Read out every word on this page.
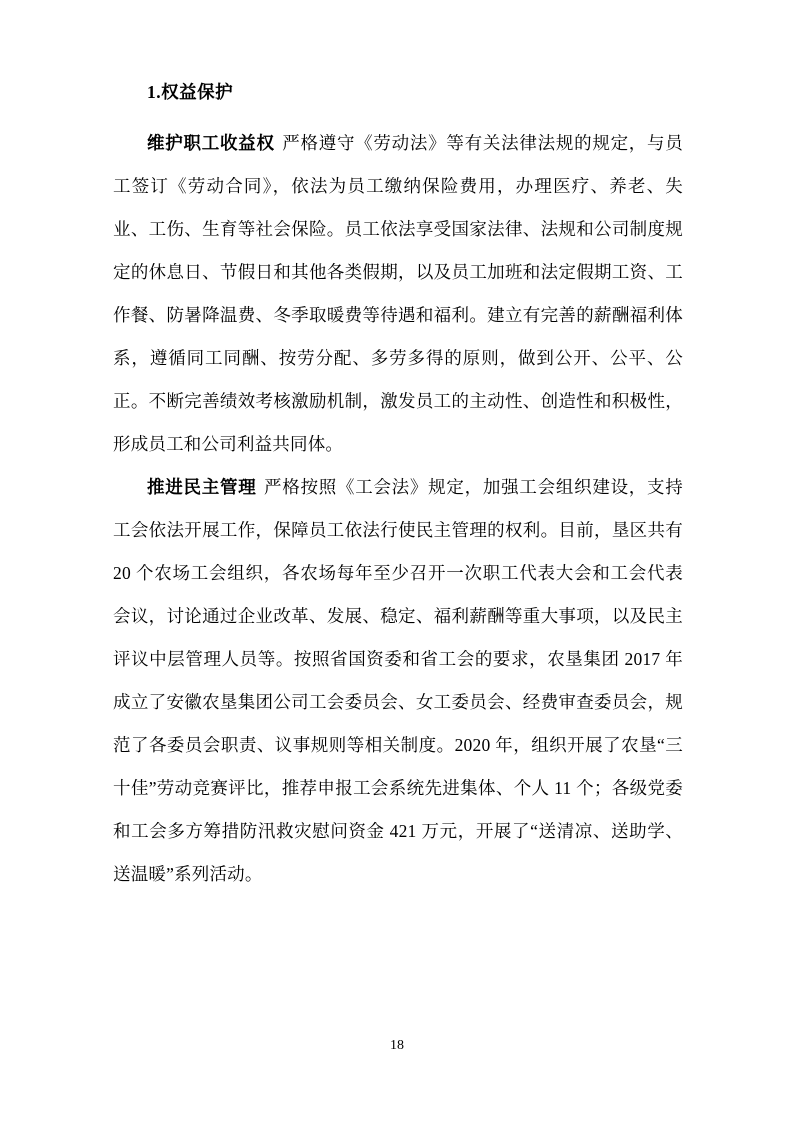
1.权益保护

维护职工收益权 严格遵守《劳动法》等有关法律法规的规定，与员工签订《劳动合同》，依法为员工缴纳保险费用，办理医疗、养老、失业、工伤、生育等社会保险。员工依法享受国家法律、法规和公司制度规定的休息日、节假日和其他各类假期，以及员工加班和法定假期工资、工作餐、防暑降温费、冬季取暖费等待遇和福利。建立有完善的薪酬福利体系，遵循同工同酬、按劳分配、多劳多得的原则，做到公开、公平、公正。不断完善绩效考核激励机制，激发员工的主动性、创造性和积极性，形成员工和公司利益共同体。

推进民主管理 严格按照《工会法》规定，加强工会组织建设，支持工会依法开展工作，保障员工依法行使民主管理的权利。目前，垦区共有 20 个农场工会组织，各农场每年至少召开一次职工代表大会和工会代表会议，讨论通过企业改革、发展、稳定、福利薪酬等重大事项，以及民主评议中层管理人员等。按照省国资委和省工会的要求，农垦集团 2017 年成立了安徽农垦集团公司工会委员会、女工委员会、经费审查委员会，规范了各委员会职责、议事规则等相关制度。2020 年，组织开展了农垦“三十佳”劳动竞赛评比，推荐申报工会系统先进集体、个人 11 个；各级党委和工会多方筹措防汛救灾慰问资金 421 万元，开展了“送清凉、送助学、送温暖”系列活动。

18
